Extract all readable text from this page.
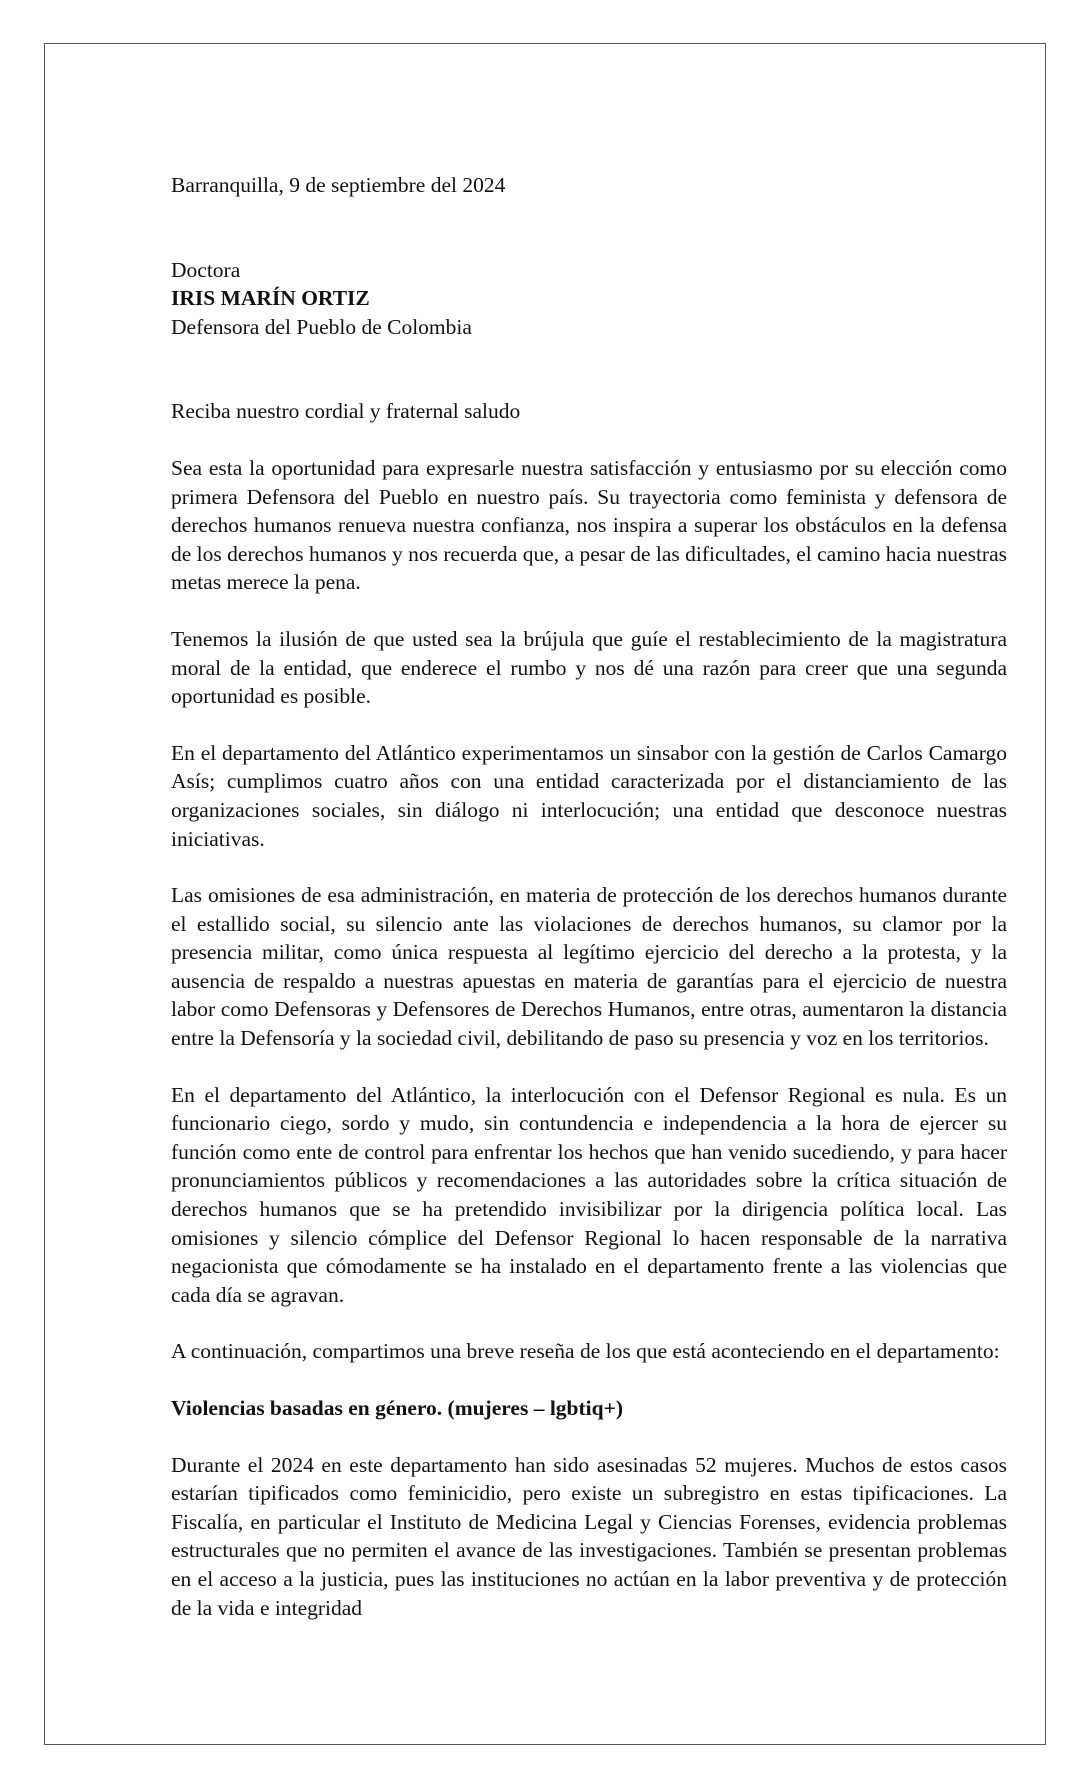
Barranquilla, 9 de septiembre del 2024

Doctora

IRIS MARÍN ORTIZ

Defensora del Pueblo de Colombia

Reciba nuestro cordial y fraternal saludo

Sea esta la oportunidad para expresarle nuestra satisfacción y entusiasmo por su elección como primera Defensora del Pueblo en nuestro país. Su trayectoria como feminista y defensora de derechos humanos renueva nuestra confianza, nos inspira a superar los obstáculos en la defensa de los derechos humanos y nos recuerda que, a pesar de las dificultades, el camino hacia nuestras metas merece la pena.

Tenemos la ilusión de que usted sea la brújula que guíe el restablecimiento de la magistratura moral de la entidad, que enderece el rumbo y nos dé una razón para creer que una segunda oportunidad es posible.

En el departamento del Atlántico experimentamos un sinsabor con la gestión de Carlos Camargo Asís; cumplimos cuatro años con una entidad caracterizada por el distanciamiento de las organizaciones sociales, sin diálogo ni interlocución; una entidad que desconoce nuestras iniciativas.

Las omisiones de esa administración, en materia de protección de los derechos humanos durante el estallido social, su silencio ante las violaciones de derechos humanos, su clamor por la presencia militar, como única respuesta al legítimo ejercicio del derecho a la protesta, y la ausencia de respaldo a nuestras apuestas en materia de garantías para el ejercicio de nuestra labor como Defensoras y Defensores de Derechos Humanos, entre otras, aumentaron la distancia entre la Defensoría y la sociedad civil, debilitando de paso su presencia y voz en los territorios.

En el departamento del Atlántico, la interlocución con el Defensor Regional es nula. Es un funcionario ciego, sordo y mudo, sin contundencia e independencia a la hora de ejercer su función como ente de control para enfrentar los hechos que han venido sucediendo, y para hacer pronunciamientos públicos y recomendaciones a las autoridades sobre la crítica situación de derechos humanos que se ha pretendido invisibilizar por la dirigencia política local. Las omisiones y silencio cómplice del Defensor Regional lo hacen responsable de la narrativa negacionista que cómodamente se ha instalado en el departamento frente a las violencias que cada día se agravan.

A continuación, compartimos una breve reseña de los que está aconteciendo en el departamento:

Violencias basadas en género. (mujeres – lgbtiq+)

Durante el 2024 en este departamento han sido asesinadas 52 mujeres. Muchos de estos casos estarían tipificados como feminicidio, pero existe un subregistro en estas tipificaciones. La Fiscalía, en particular el Instituto de Medicina Legal y Ciencias Forenses, evidencia problemas estructurales que no permiten el avance de las investigaciones. También se presentan problemas en el acceso a la justicia, pues las instituciones no actúan en la labor preventiva y de protección de la vida e integridad
